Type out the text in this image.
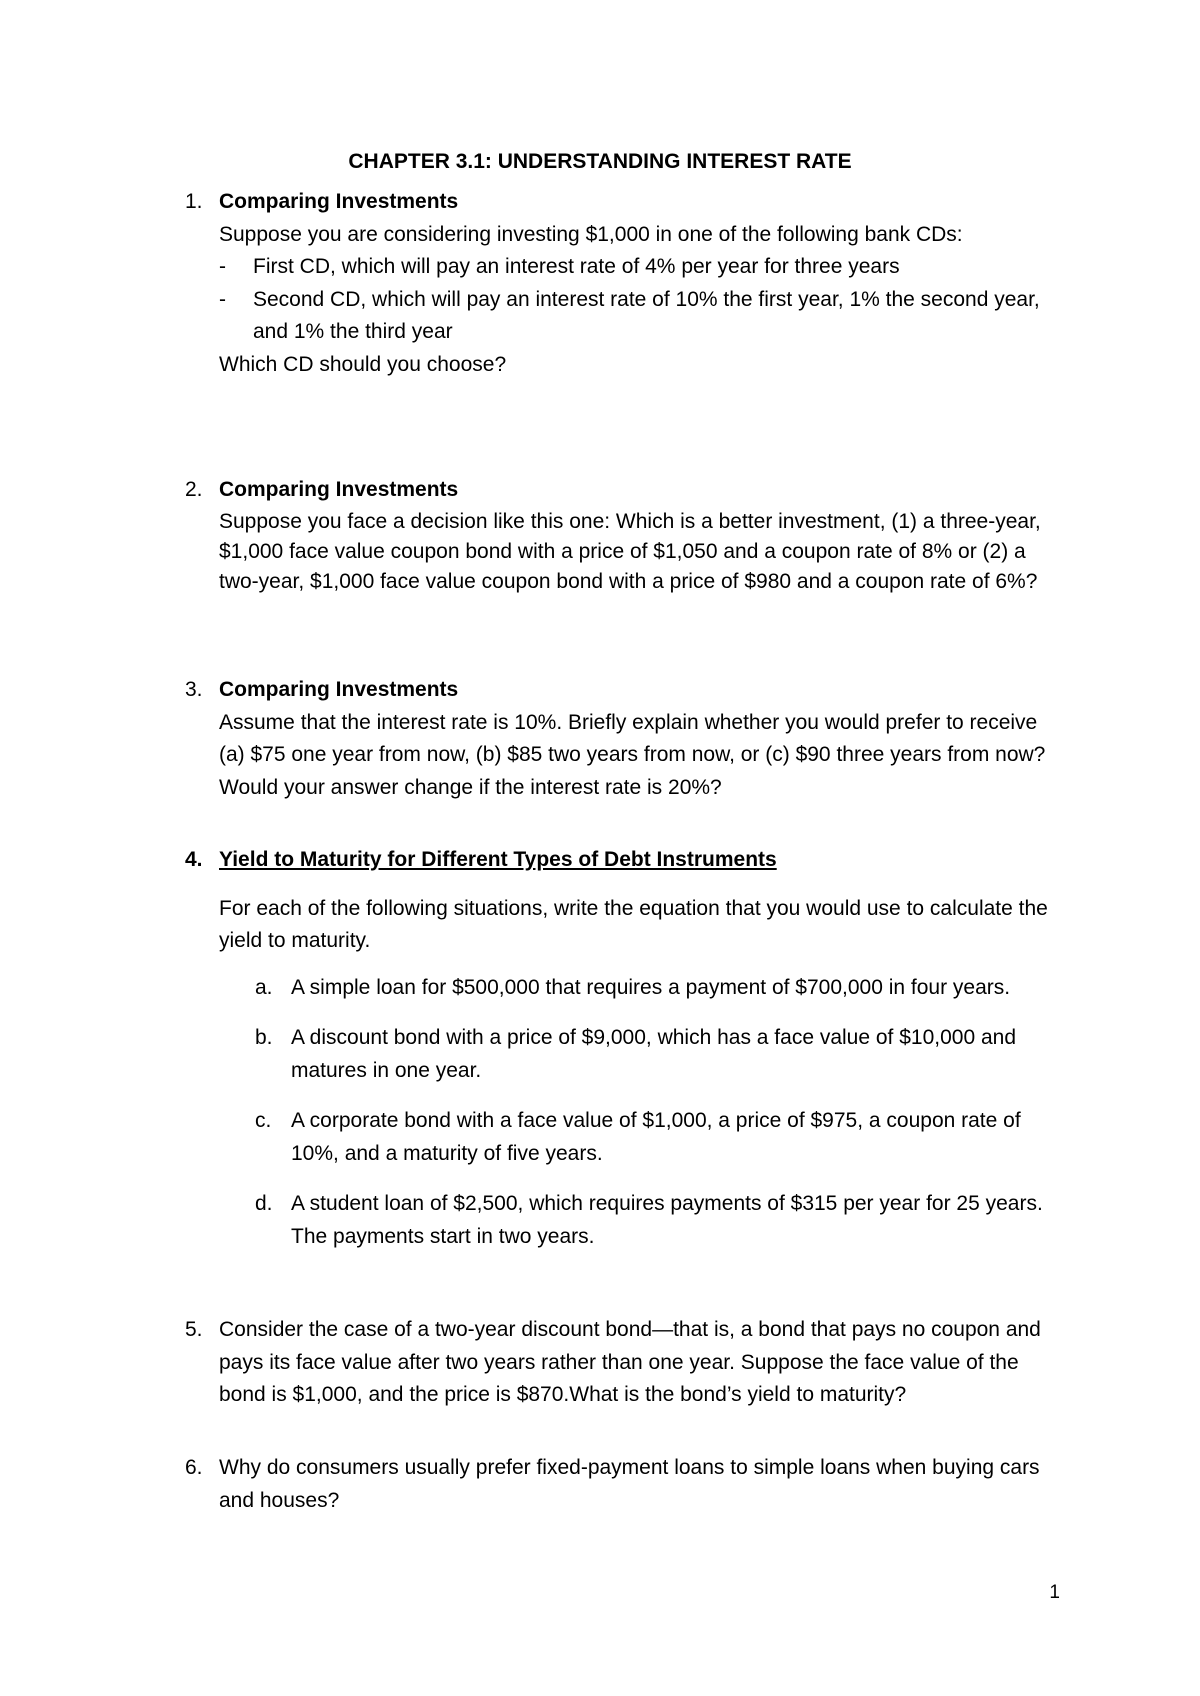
CHAPTER 3.1: UNDERSTANDING INTEREST RATE
1. Comparing Investments

Suppose you are considering investing $1,000 in one of the following bank CDs:

- First CD, which will pay an interest rate of 4% per year for three years
- Second CD, which will pay an interest rate of 10% the first year, 1% the second year, and 1% the third year

Which CD should you choose?

2. Comparing Investments

Suppose you face a decision like this one: Which is a better investment, (1) a three-year, $1,000 face value coupon bond with a price of $1,050 and a coupon rate of 8% or (2) a two-year, $1,000 face value coupon bond with a price of $980 and a coupon rate of 6%?

3. Comparing Investments

Assume that the interest rate is 10%. Briefly explain whether you would prefer to receive (a) $75 one year from now, (b) $85 two years from now, or (c) $90 three years from now? Would your answer change if the interest rate is 20%?

4. Yield to Maturity for Different Types of Debt Instruments

For each of the following situations, write the equation that you would use to calculate the yield to maturity.

a. A simple loan for $500,000 that requires a payment of $700,000 in four years.
b. A discount bond with a price of $9,000, which has a face value of $10,000 and matures in one year.
c. A corporate bond with a face value of $1,000, a price of $975, a coupon rate of 10%, and a maturity of five years.
d. A student loan of $2,500, which requires payments of $315 per year for 25 years. The payments start in two years.
5. Consider the case of a two-year discount bond—that is, a bond that pays no coupon and pays its face value after two years rather than one year. Suppose the face value of the bond is $1,000, and the price is $870.What is the bond’s yield to maturity?

6. Why do consumers usually prefer fixed-payment loans to simple loans when buying cars and houses?

1
